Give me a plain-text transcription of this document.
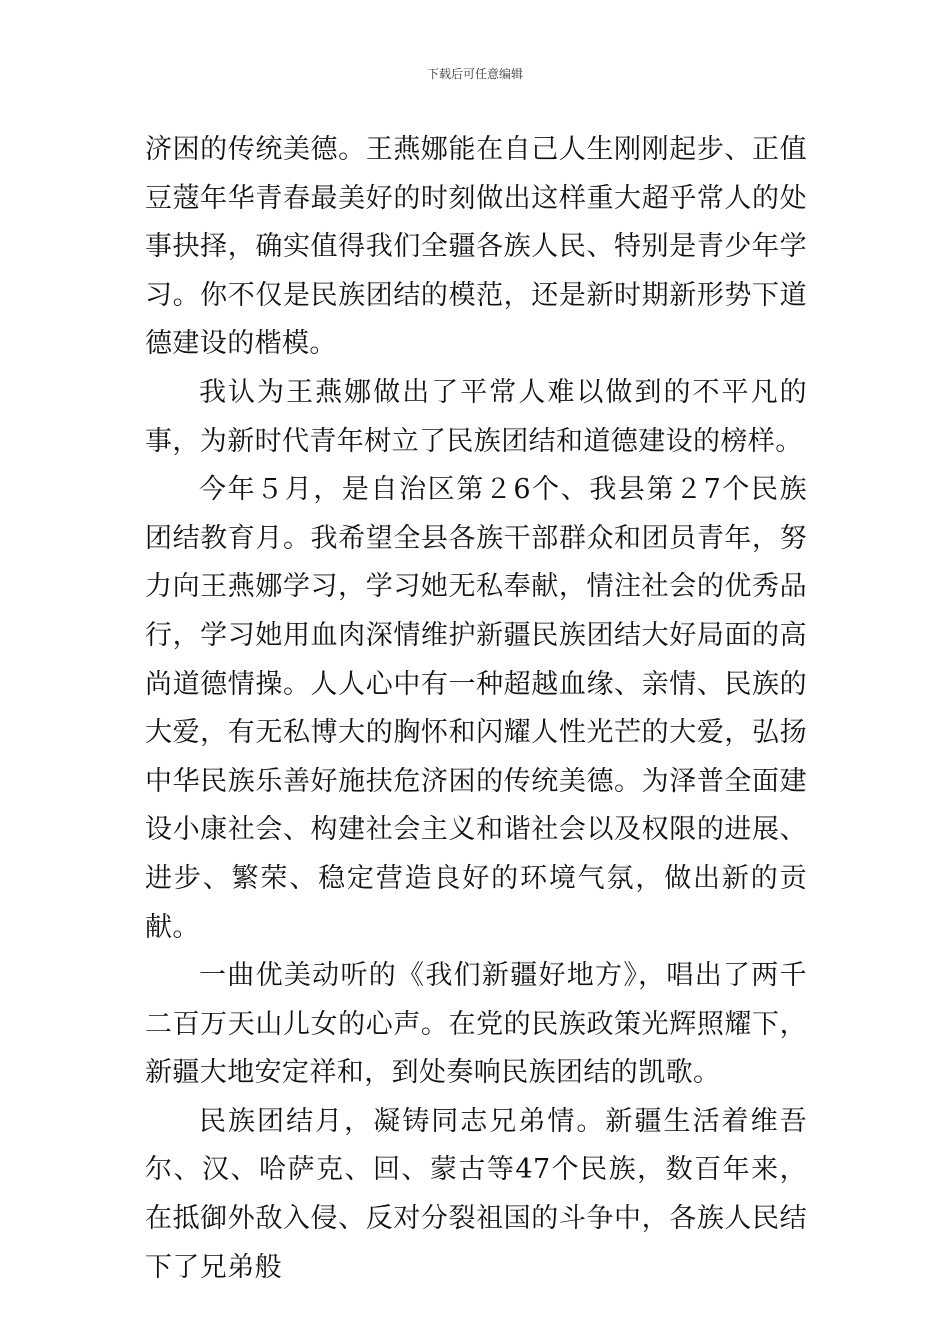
下载后可任意编辑

济困的传统美德。王燕娜能在自己人生刚刚起步、正值豆蔻年华青春最美好的时刻做出这样重大超乎常人的处事抉择，确实值得我们全疆各族人民、特别是青少年学习。你不仅是民族团结的模范，还是新时期新形势下道德建设的楷模。

我认为王燕娜做出了平常人难以做到的不平凡的事，为新时代青年树立了民族团结和道德建设的榜样。

今年５月，是自治区第２6个、我县第２7个民族团结教育月。我希望全县各族干部群众和团员青年，努力向王燕娜学习，学习她无私奉献，情注社会的优秀品行，学习她用血肉深情维护新疆民族团结大好局面的高尚道德情操。人人心中有一种超越血缘、亲情、民族的大爱，有无私博大的胸怀和闪耀人性光芒的大爱，弘扬中华民族乐善好施扶危济困的传统美德。为泽普全面建设小康社会、构建社会主义和谐社会以及权限的进展、进步、繁荣、稳定营造良好的环境气氛，做出新的贡献。

一曲优美动听的《我们新疆好地方》，唱出了两千二百万天山儿女的心声。在党的民族政策光辉照耀下，新疆大地安定祥和，到处奏响民族团结的凯歌。

民族团结月，凝铸同志兄弟情。新疆生活着维吾尔、汉、哈萨克、回、蒙古等47个民族，数百年来，在抵御外敌入侵、反对分裂祖国的斗争中，各族人民结下了兄弟般
